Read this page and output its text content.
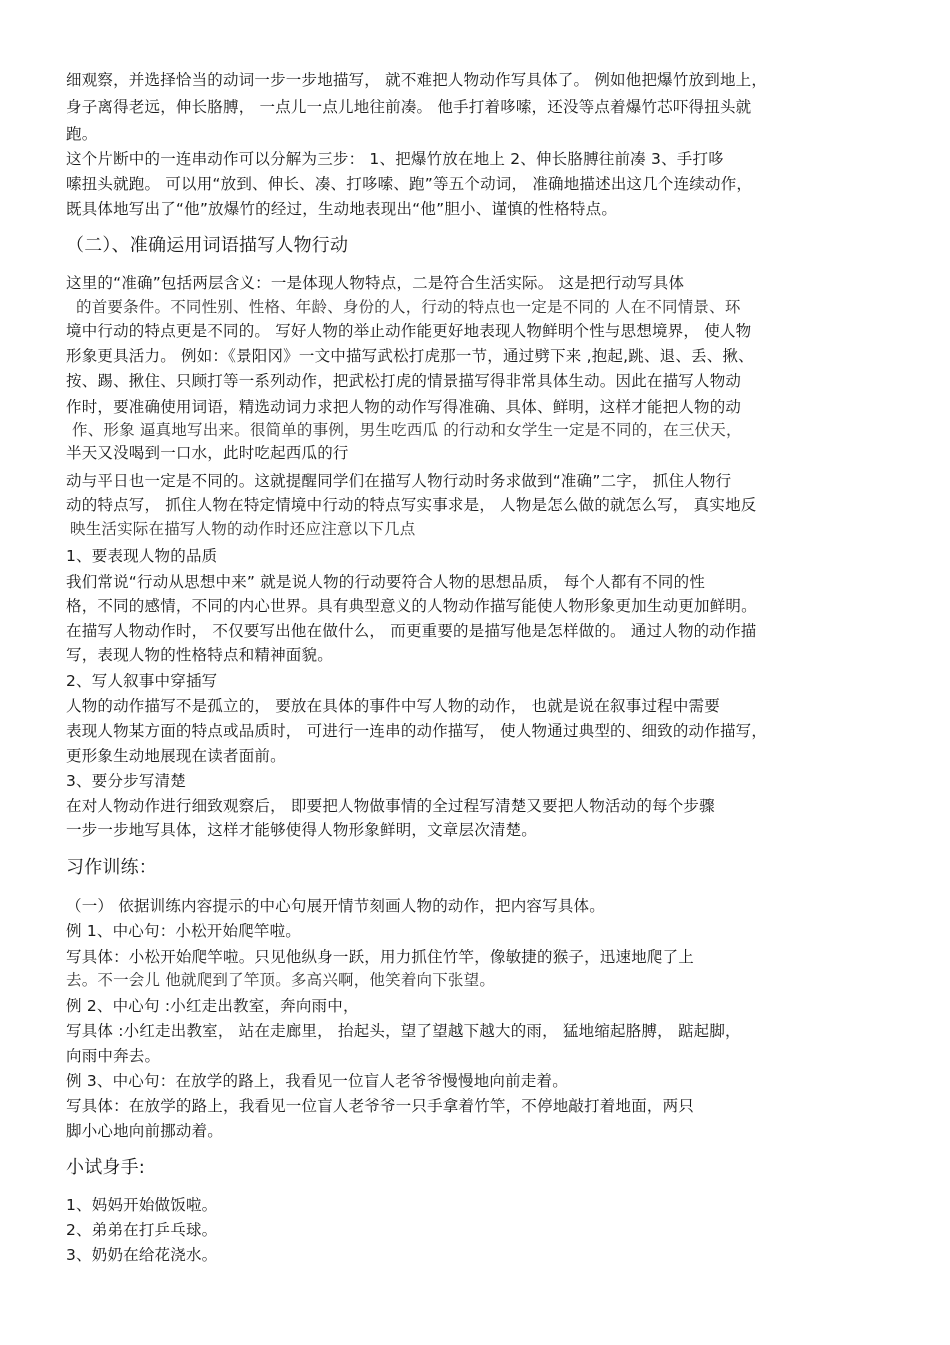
细观察，并选择恰当的动词一步一步地描写， 就不难把人物动作写具体了。 例如他把爆竹放到地上，
身子离得老远，伸长胳膊， 一点儿一点儿地往前凑。 他手打着哆嗦，还没等点着爆竹芯吓得扭头就
跑。
这个片断中的一连串动作可以分解为三步： 1、把爆竹放在地上 2、伸长胳膊往前凑 3、手打哆
嗦扭头就跑。 可以用“放到、伸长、凑、打哆嗦、跑”等五个动词， 准确地描述出这几个连续动作，
既具体地写出了“他”放爆竹的经过，生动地表现出“他”胆小、谨慎的性格特点。
（二）、准确运用词语描写人物行动
这里的“准确”包括两层含义：一是体现人物特点，二是符合生活实际。 这是把行动写具体
的首要条件。不同性别、性格、年龄、身份的人，行动的特点也一定是不同的 人在不同情景、环
境中行动的特点更是不同的。 写好人物的举止动作能更好地表现人物鲜明个性与思想境界， 使人物
形象更具活力。 例如：《景阳冈》一文中描写武松打虎那一节，通过劈下来 ,抱起,跳、退、丢、揪、
按、踢、揪住、只顾打等一系列动作，把武松打虎的情景描写得非常具体生动。因此在描写人物动
作时，要准确使用词语，精选动词力求把人物的动作写得准确、具体、鲜明，这样才能把人物的动
作、形象 逼真地写出来。很简单的事例，男生吃西瓜 的行动和女学生一定是不同的，在三伏天，
半天又没喝到一口水，此时吃起西瓜的行
动与平日也一定是不同的。这就提醒同学们在描写人物行动时务求做到“准确”二字， 抓住人物行
动的特点写， 抓住人物在特定情境中行动的特点写实事求是， 人物是怎么做的就怎么写， 真实地反
映生活实际在描写人物的动作时还应注意以下几点
1、要表现人物的品质
我们常说“行动从思想中来” 就是说人物的行动要符合人物的思想品质， 每个人都有不同的性
格，不同的感情，不同的内心世界。具有典型意义的人物动作描写能使人物形象更加生动更加鲜明。
在描写人物动作时， 不仅要写出他在做什么， 而更重要的是描写他是怎样做的。 通过人物的动作描
写，表现人物的性格特点和精神面貌。
2、写人叙事中穿插写
人物的动作描写不是孤立的， 要放在具体的事件中写人物的动作， 也就是说在叙事过程中需要
表现人物某方面的特点或品质时， 可进行一连串的动作描写， 使人物通过典型的、细致的动作描写，
更形象生动地展现在读者面前。
3、要分步写清楚
在对人物动作进行细致观察后， 即要把人物做事情的全过程写清楚又要把人物活动的每个步骤
一步一步地写具体，这样才能够使得人物形象鲜明，文章层次清楚。
习作训练：
（一） 依据训练内容提示的中心句展开情节刻画人物的动作，把内容写具体。
例 1、中心句：小松开始爬竿啦。
写具体：小松开始爬竿啦。只见他纵身一跃，用力抓住竹竿，像敏捷的猴子，迅速地爬了上
去。不一会儿 他就爬到了竿顶。多高兴啊，他笑着向下张望。
例 2、中心句 :小红走出教室，奔向雨中，
写具体 :小红走出教室， 站在走廊里， 抬起头，望了望越下越大的雨， 猛地缩起胳膊， 踮起脚，
向雨中奔去。
例 3、中心句：在放学的路上，我看见一位盲人老爷爷慢慢地向前走着。
写具体：在放学的路上，我看见一位盲人老爷爷一只手拿着竹竿，不停地敲打着地面，两只
脚小心地向前挪动着。
小试身手:
1、妈妈开始做饭啦。
2、弟弟在打乒乓球。
3、奶奶在给花浇水。
